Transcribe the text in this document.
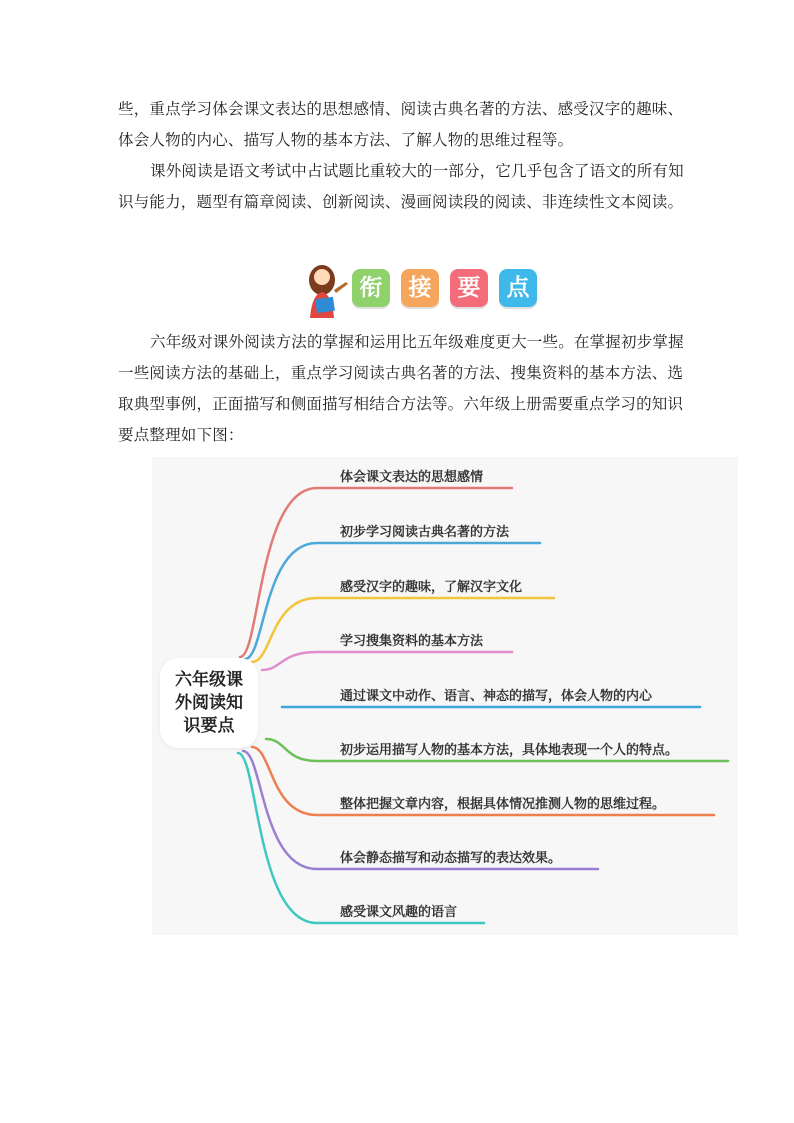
些，重点学习体会课文表达的思想感情、阅读古典名著的方法、感受汉字的趣味、体会人物的内心、描写人物的基本方法、了解人物的思维过程等。

课外阅读是语文考试中占试题比重较大的一部分，它几乎包含了语文的所有知识与能力，题型有篇章阅读、创新阅读、漫画阅读段的阅读、非连续性文本阅读。

衔	接	要	点

六年级对课外阅读方法的掌握和运用比五年级难度更大一些。在掌握初步掌握一些阅读方法的基础上，重点学习阅读古典名著的方法、搜集资料的基本方法、选取典型事例，正面描写和侧面描写相结合方法等。六年级上册需要重点学习的知识要点整理如下图：

六年级课外阅读知识要点
体会课文表达的思想感情
初步学习阅读古典名著的方法
感受汉字的趣味，了解汉字文化
学习搜集资料的基本方法
通过课文中动作、语言、神态的描写，体会人物的内心
初步运用描写人物的基本方法，具体地表现一个人的特点。
整体把握文章内容，根据具体情况推测人物的思维过程。
体会静态描写和动态描写的表达效果。
感受课文风趣的语言
